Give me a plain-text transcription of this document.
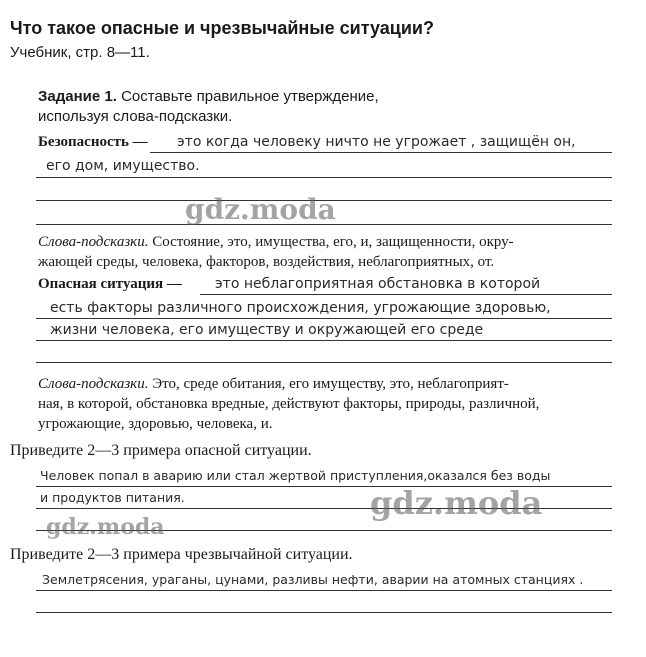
Что такое опасные и чрезвычайные ситуации?
Учебник, стр. 8—11.
Задание 1. Составьте правильное утверждение,
используя слова-подсказки.
Безопасность — это когда человеку ничто не угрожает , защищён он,
его дом, имущество.
gdz.moda
Слова-подсказки. Состояние, это, имущества, его, и, защищенности, окру-
жающей среды, человека, факторов, воздействия, неблагоприятных, от.
Опасная ситуация — это неблагоприятная обстановка в которой
есть факторы различного происхождения, угрожающие здоровью,
жизни человека, его имуществу и окружающей его среде
Слова-подсказки. Это, среде обитания, его имуществу, это, неблагоприят-
ная, в которой, обстановка вредные, действуют факторы, природы, различной,
угрожающие, здоровью, человека, и.
Приведите 2—3 примера опасной ситуации.
Человек попал в аварию или стал жертвой приступления,оказался без воды
и продуктов питания.	gdz.moda
gdz.moda
Приведите 2—3 примера чрезвычайной ситуации.
Землетрясения, ураганы, цунами, разливы нефти, аварии на атомных станциях .
